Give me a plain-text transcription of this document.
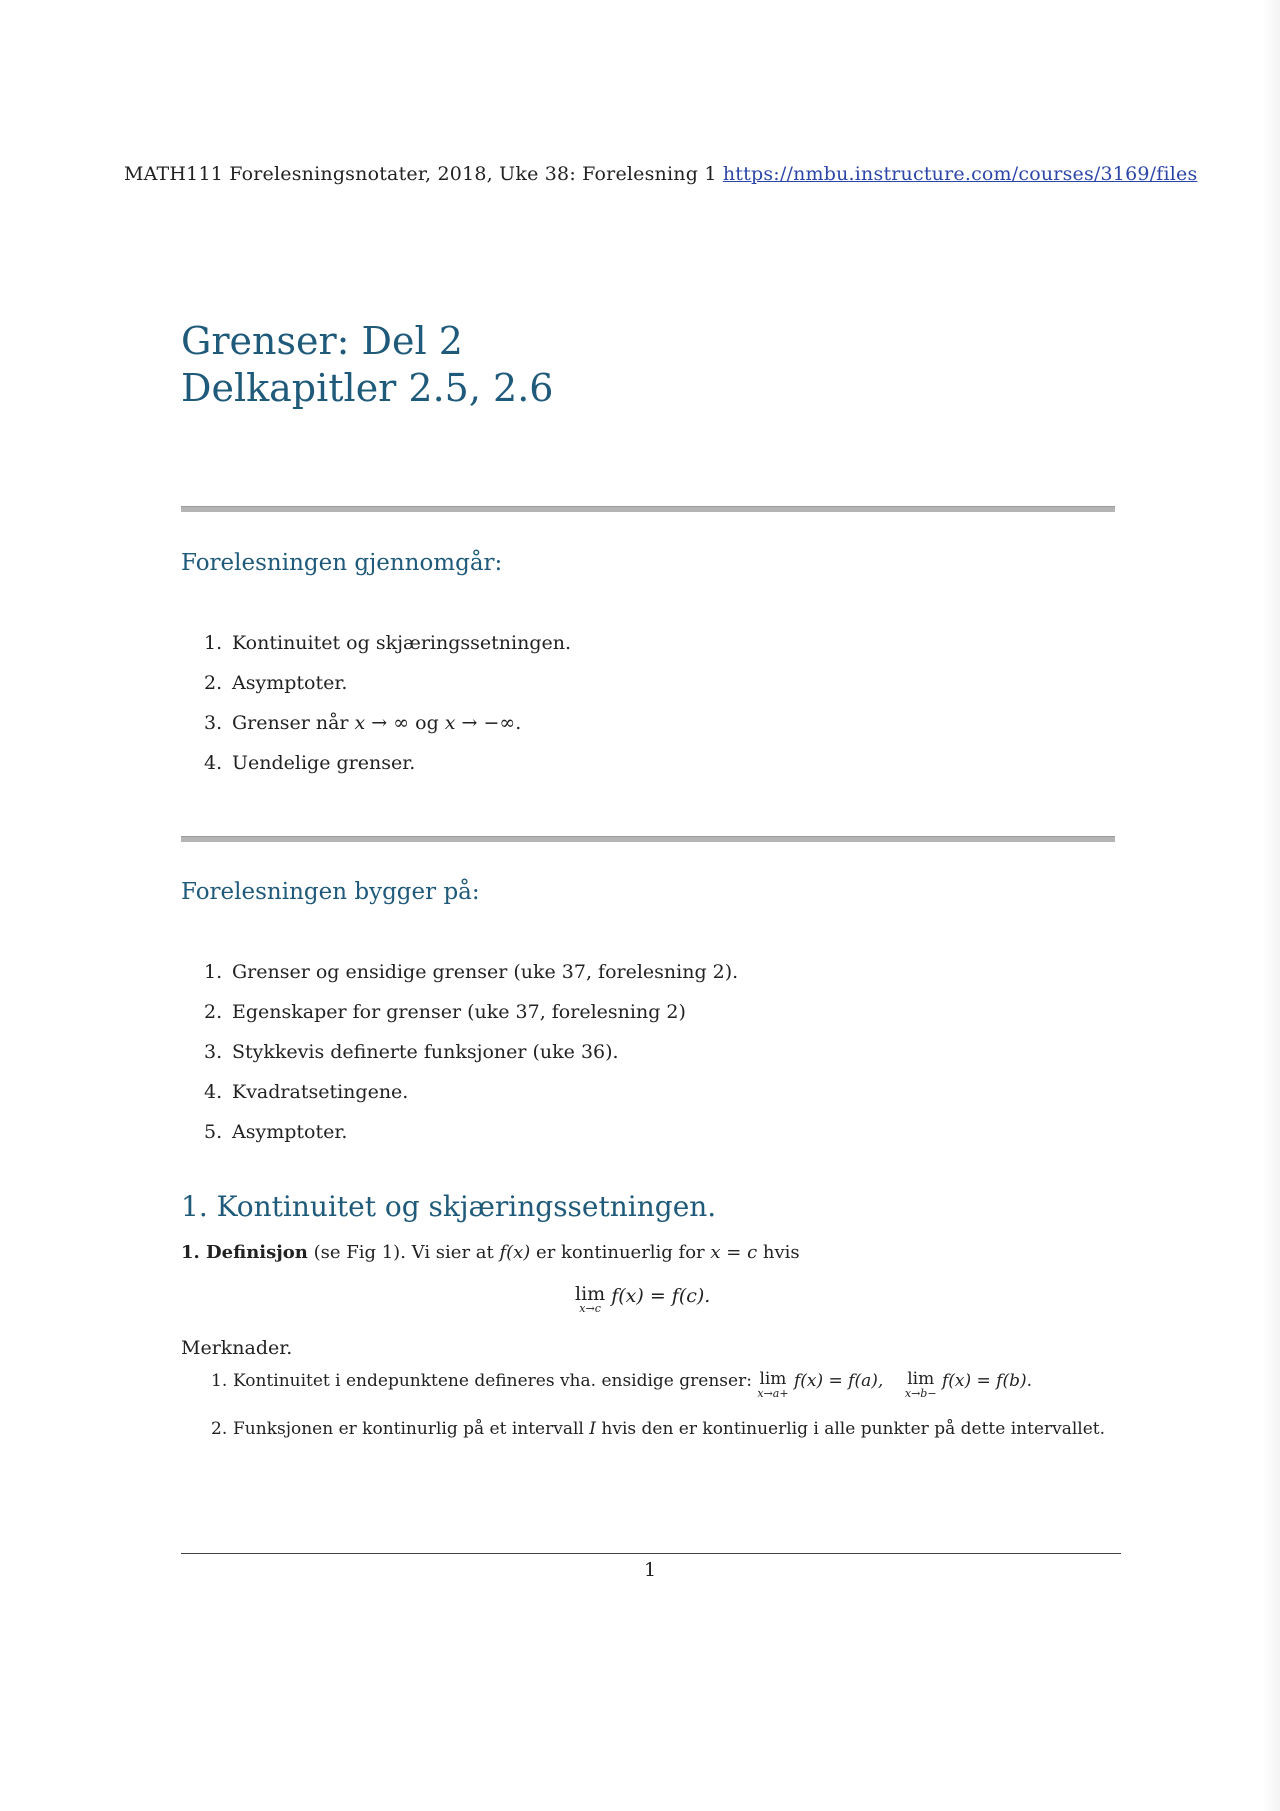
MATH111 Forelesningsnotater, 2018, Uke 38: Forelesning 1 https://nmbu.instructure.com/courses/3169/files
Grenser: Del 2
Delkapitler 2.5, 2.6
Forelesningen gjennomgår:
1. Kontinuitet og skjæringssetningen.
2. Asymptoter.
3. Grenser når x → ∞ og x → −∞.
4. Uendelige grenser.
Forelesningen bygger på:
1. Grenser og ensidige grenser (uke 37, forelesning 2).
2. Egenskaper for grenser (uke 37, forelesning 2)
3. Stykkevis definerte funksjoner (uke 36).
4. Kvadratsetingene.
5. Asymptoter.
1. Kontinuitet og skjæringssetningen.
1. Definisjon (se Fig 1). Vi sier at f(x) er kontinuerlig for x = c hvis
lim
x→c
f(x) = f(c).
Merknader.
1. Kontinuitet i endepunktene defineres vha. ensidige grenser: lim
x→a+
f(x) = f(a), lim
x→b−
f(x) = f(b).
2. Funksjonen er kontinurlig på et intervall I hvis den er kontinuerlig i alle punkter på dette intervallet.
1
